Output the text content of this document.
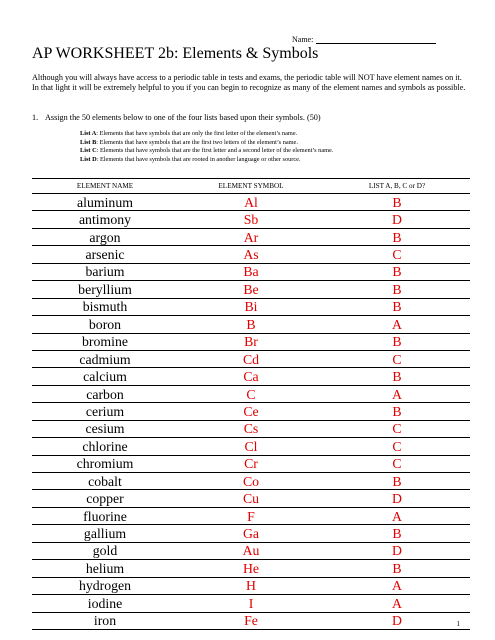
Name:
AP WORKSHEET 2b: Elements & Symbols
Although you will always have access to a periodic table in tests and exams, the periodic table will NOT have element names on it. In that light it will be extremely helpful to you if you can begin to recognize as many of the element names and symbols as possible.
1. Assign the 50 elements below to one of the four lists based upon their symbols. (50)
List A: Elements that have symbols that are only the first letter of the element’s name.
List B: Elements that have symbols that are the first two letters of the element’s name.
List C: Elements that have symbols that are the first letter and a second letter of the element’s name.
List D: Elements that have symbols that are rooted in another language or other source.
ELEMENT NAME	ELEMENT SYMBOL	LIST A, B, C or D?
aluminum	Al	B
antimony	Sb	D
argon	Ar	B
arsenic	As	C
barium	Ba	B
beryllium	Be	B
bismuth	Bi	B
boron	B	A
bromine	Br	B
cadmium	Cd	C
calcium	Ca	B
carbon	C	A
cerium	Ce	B
cesium	Cs	C
chlorine	Cl	C
chromium	Cr	C
cobalt	Co	B
copper	Cu	D
fluorine	F	A
gallium	Ga	B
gold	Au	D
helium	He	B
hydrogen	H	A
iodine	I	A
iron	Fe	D	1
